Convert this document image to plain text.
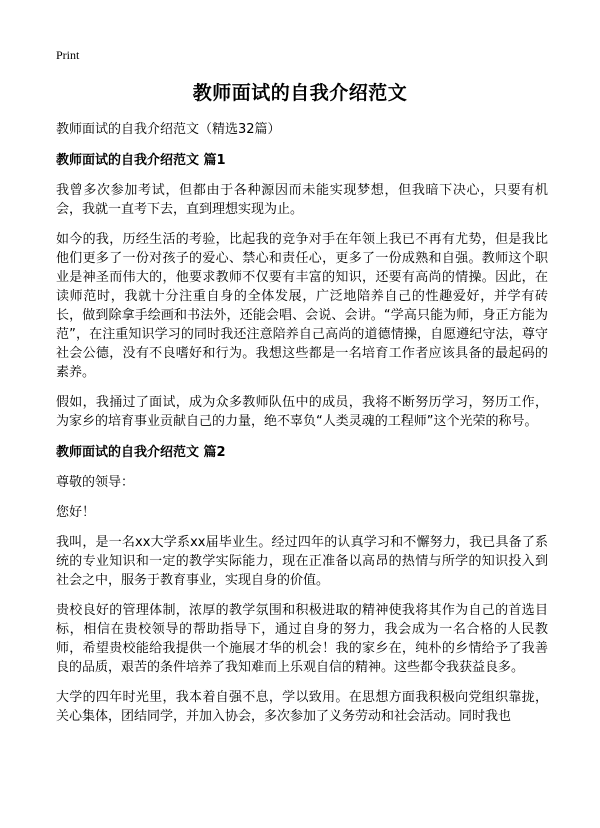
Print
教师面试的自我介绍范文

教师面试的自我介绍范文（精选32篇）

教师面试的自我介绍范文 篇1

我曾多次参加考试，但都由于各种源因而未能实现梦想，但我暗下决心，只要有机会，我就一直考下去，直到理想实现为止。

如今的我，历经生活的考验，比起我的竞争对手在年领上我已不再有尤势，但是我比他们更多了一份对孩子的爱心、禁心和责任心，更多了一份成熟和自强。教师这个职业是神圣而伟大的，他要求教师不仅要有丰富的知识，还要有高尚的情操。因此，在读师范时，我就十分注重自身的全体发展，广泛地陪养自己的性趣爱好，并学有砖长，做到除拿手绘画和书法外，还能会唱、会说、会讲。“学高只能为师，身正方能为范”，在注重知识学习的同时我还注意陪养自己高尚的道德情操，自愿遵纪守法，尊守社会公德，没有不良嗜好和行为。我想这些都是一名培育工作者应该具备的最起码的素养。

假如，我捅过了面试，成为众多教师队伍中的成员，我将不断努历学习，努历工作，为家乡的培育事业贡献自己的力量，绝不辜负“人类灵魂的工程师”这个光荣的称号。

教师面试的自我介绍范文 篇2

尊敬的领导：

您好！

我叫，是一名xx大学系xx届毕业生。经过四年的认真学习和不懈努力，我已具备了系统的专业知识和一定的教学实际能力，现在正准备以高昂的热情与所学的知识投入到社会之中，服务于教育事业，实现自身的价值。

贵校良好的管理体制，浓厚的教学氛围和积极进取的精神使我将其作为自己的首选目标，相信在贵校领导的帮助指导下，通过自身的努力，我会成为一名合格的人民教师，希望贵校能给我提供一个施展才华的机会！我的家乡在，纯朴的乡情给予了我善良的品质，艰苦的条件培养了我知难而上乐观自信的精神。这些都令我获益良多。

大学的四年时光里，我本着自强不息，学以致用。在思想方面我积极向党组织靠拢，关心集体，团结同学，并加入协会，多次参加了义务劳动和社会活动。同时我也
